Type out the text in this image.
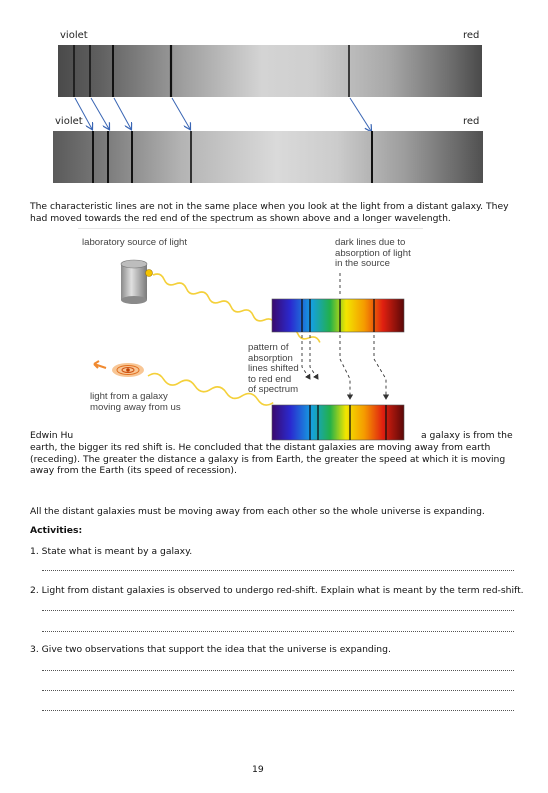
violet	red
violet	red
The characteristic lines are not in the same place when you look at the light from a distant galaxy. They
had moved towards the red end of the spectrum as shown above and a longer wavelength.
laboratory source of light	dark lines due to
absorption of light
in the source
pattern of
absorption
lines shifted
to red end
of spectrum
light from a galaxy
moving away from us
Edwin Hu	a galaxy is from the
earth, the bigger its red shift is. He concluded that the distant galaxies are moving away from earth
(receding). The greater the distance a galaxy is from Earth, the greater the speed at which it is moving
away from the Earth (its speed of recession).
All the distant galaxies must be moving away from each other so the whole universe is expanding.
Activities:
1. State what is meant by a galaxy.
2. Light from distant galaxies is observed to undergo red-shift. Explain what is meant by the term red-shift.
3. Give two observations that support the idea that the universe is expanding.
19
